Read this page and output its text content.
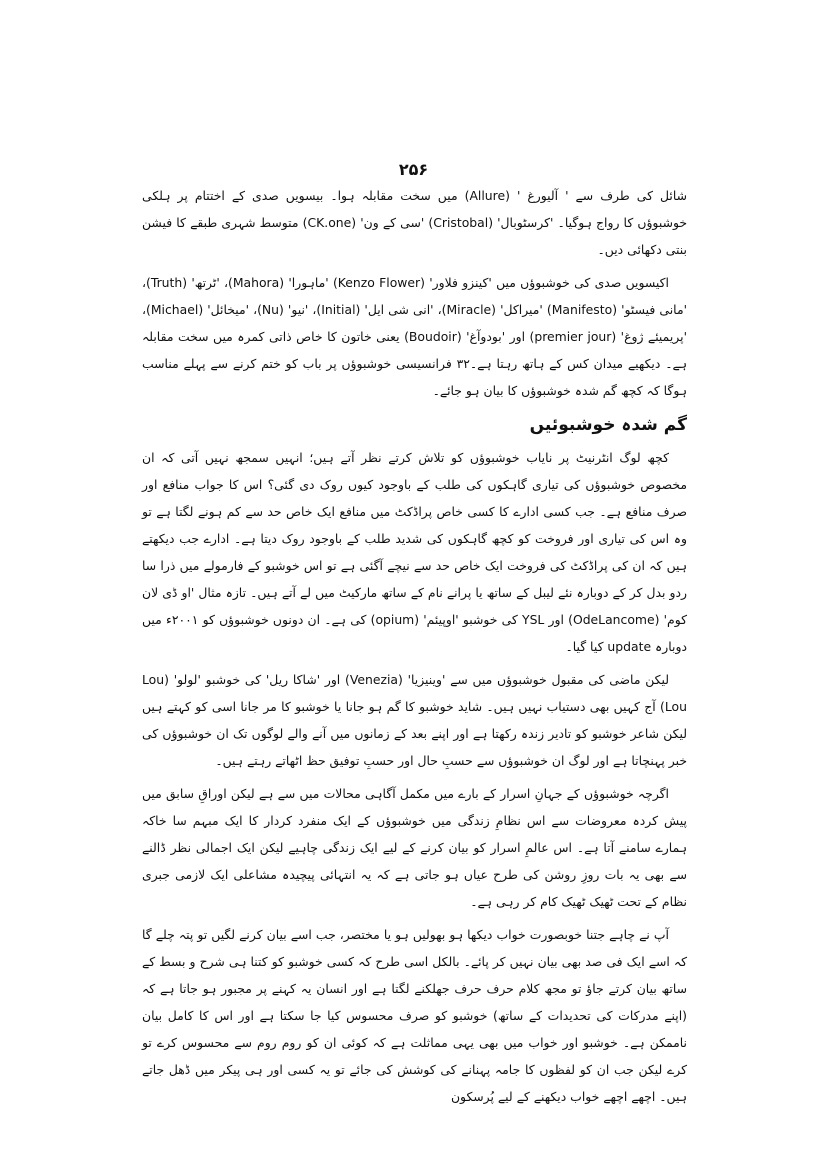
۲۵۶

شائل کی طرف سے ' آلیورغ ' (Allure) میں سخت مقابلہ ہوا۔ بیسویں صدی کے اختتام پر ہلکی خوشبوؤں کا رواج ہوگیا۔ 'کرسٹوبال' (Cristobal) 'سی کے ون' (CK.one) متوسط شہری طبقے کا فیشن بنتی دکھائی دیں۔

اکیسویں صدی کی خوشبوؤں میں 'کینزو فلاور' (Kenzo Flower) 'ماہورا' (Mahora)، 'ٹرتھ' (Truth)، 'مانی فیسٹو' (Manifesto) 'میراکل' (Miracle)، 'انی شی ایل' (Initial)، 'نیو' (Nu)، 'میخائل' (Michael)، 'پریمیئے ژوغ' (premier jour) اور 'بودوآغ' (Boudoir) یعنی خاتون کا خاص ذاتی کمرہ میں سخت مقابلہ ہے۔ دیکھیے میدان کس کے ہاتھ رہتا ہے۔٣٢ فرانسیسی خوشبوؤں پر باب کو ختم کرنے سے پہلے مناسب ہوگا کہ کچھ گم شدہ خوشبوؤں کا بیان ہو جائے۔

گم شدہ خوشبوئیں

کچھ لوگ انٹرنیٹ پر نایاب خوشبوؤں کو تلاش کرتے نظر آتے ہیں؛ انہیں سمجھ نہیں آتی کہ ان مخصوص خوشبوؤں کی تیاری گاہکوں کی طلب کے باوجود کیوں روک دی گئی؟ اس کا جواب منافع اور صرف منافع ہے۔ جب کسی ادارے کا کسی خاص پراڈکٹ میں منافع ایک خاص حد سے کم ہونے لگتا ہے تو وہ اس کی تیاری اور فروخت کو کچھ گاہکوں کی شدید طلب کے باوجود روک دیتا ہے۔ ادارے جب دیکھتے ہیں کہ ان کی پراڈکٹ کی فروخت ایک خاص حد سے نیچے آگئی ہے تو اس خوشبو کے فارمولے میں ذرا سا ردو بدل کر کے دوبارہ نئے لیبل کے ساتھ یا پرانے نام کے ساتھ مارکیٹ میں لے آتے ہیں۔ تازہ مثال 'او ڈی لان کوم' (OdeLancome) اور YSL کی خوشبو 'اوپیئم' (opium) کی ہے۔ ان دونوں خوشبوؤں کو ۲۰۰۱ء میں دوبارہ update کیا گیا۔

لیکن ماضی کی مقبول خوشبوؤں میں سے 'وینیزیا' (Venezia) اور 'شاکا ریل' کی خوشبو 'لولو' (Lou Lou) آج کہیں بھی دستیاب نہیں ہیں۔ شاید خوشبو کا گم ہو جانا یا خوشبو کا مر جانا اسی کو کہتے ہیں لیکن شاعر خوشبو کو تادیر زندہ رکھتا ہے اور اپنے بعد کے زمانوں میں آنے والے لوگوں تک ان خوشبوؤں کی خبر پہنچاتا ہے اور لوگ ان خوشبوؤں سے حسبِ حال اور حسبِ توفیق حظ اٹھاتے رہتے ہیں۔

اگرچہ خوشبوؤں کے جہانِ اسرار کے بارے میں مکمل آگاہی محالات میں سے ہے لیکن اوراقِ سابق میں پیش کردہ معروضات سے اس نظامِ زندگی میں خوشبوؤں کے ایک منفرد کردار کا ایک مبہم سا خاکہ ہمارے سامنے آتا ہے۔ اس عالمِ اسرار کو بیان کرنے کے لیے ایک زندگی چاہیے لیکن ایک اجمالی نظر ڈالنے سے بھی یہ بات روزِ روشن کی طرح عیاں ہو جاتی ہے کہ یہ انتہائی پیچیدہ مشاعلی ایک لازمی جبری نظام کے تحت ٹھیک ٹھیک کام کر رہی ہے۔

آپ نے چاہے جتنا خوبصورت خواب دیکھا ہو بھولیں ہو یا مختصر، جب اسے بیان کرنے لگیں تو پتہ چلے گا کہ اسے ایک فی صد بھی بیان نہیں کر پائے۔ بالکل اسی طرح کہ کسی خوشبو کو کتنا ہی شرح و بسط کے ساتھ بیان کرتے جاؤ تو مجھ کلام حرف حرف جھلکنے لگتا ہے اور انسان یہ کہنے پر مجبور ہو جاتا ہے کہ (اپنے مدرکات کی تحدیدات کے ساتھ) خوشبو کو صرف محسوس کیا جا سکتا ہے اور اس کا کامل بیان ناممکن ہے۔ خوشبو اور خواب میں بھی یہی مماثلت ہے کہ کوئی ان کو روم روم سے محسوس کرے تو کرے لیکن جب ان کو لفظوں کا جامہ پہنانے کی کوشش کی جائے تو یہ کسی اور ہی پیکر میں ڈھل جاتے ہیں۔ اچھے اچھے خواب دیکھنے کے لیے پُرسکون
